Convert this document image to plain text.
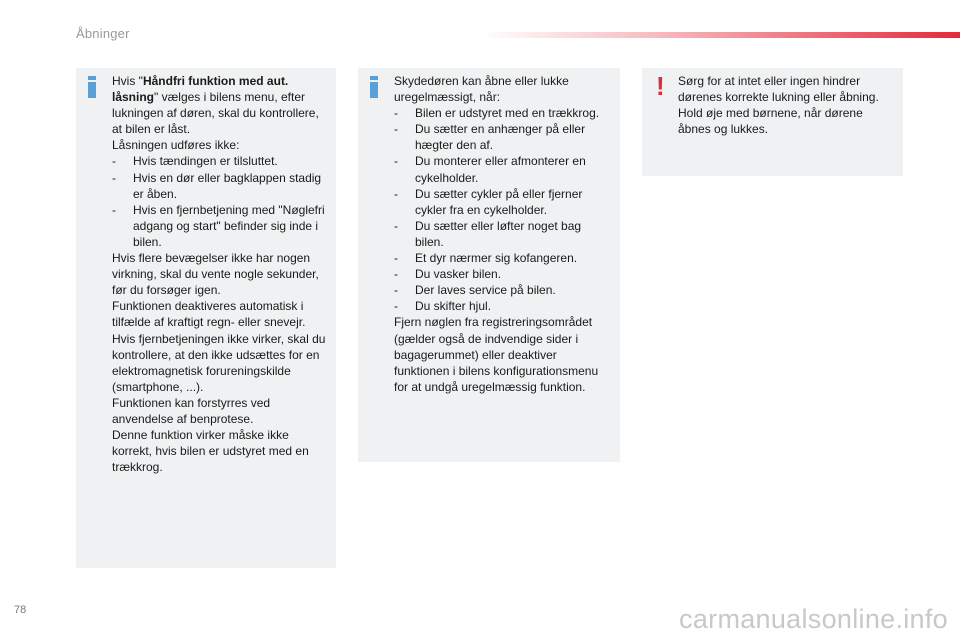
Åbninger

Hvis "Håndfri funktion med aut. låsning" vælges i bilens menu, efter lukningen af døren, skal du kontrollere, at bilen er låst.

Låsningen udføres ikke:

- Hvis tændingen er tilsluttet.
- Hvis en dør eller bagklappen stadig er åben.
- Hvis en fjernbetjening med "Nøglefri adgang og start" befinder sig inde i bilen.

Hvis flere bevægelser ikke har nogen virkning, skal du vente nogle sekunder, før du forsøger igen.

Funktionen deaktiveres automatisk i tilfælde af kraftigt regn- eller snevejr.

Hvis fjernbetjeningen ikke virker, skal du kontrollere, at den ikke udsættes for en elektromagnetisk forureningskilde (smartphone, ...).

Funktionen kan forstyrres ved anvendelse af benprotese.

Denne funktion virker måske ikke korrekt, hvis bilen er udstyret med en trækkrog.

Skydedøren kan åbne eller lukke uregelmæssigt, når:

- Bilen er udstyret med en trækkrog.
- Du sætter en anhænger på eller hægter den af.
- Du monterer eller afmonterer en cykelholder.
- Du sætter cykler på eller fjerner cykler fra en cykelholder.
- Du sætter eller løfter noget bag bilen.
- Et dyr nærmer sig kofangeren.
- Du vasker bilen.
- Der laves service på bilen.
- Du skifter hjul.

Fjern nøglen fra registreringsområdet (gælder også de indvendige sider i bagagerummet) eller deaktiver funktionen i bilens konfigurationsmenu for at undgå uregelmæssig funktion.

! Sørg for at intet eller ingen hindrer dørenes korrekte lukning eller åbning. Hold øje med børnene, når dørene åbnes og lukkes.

78	carmanualsonline.info
